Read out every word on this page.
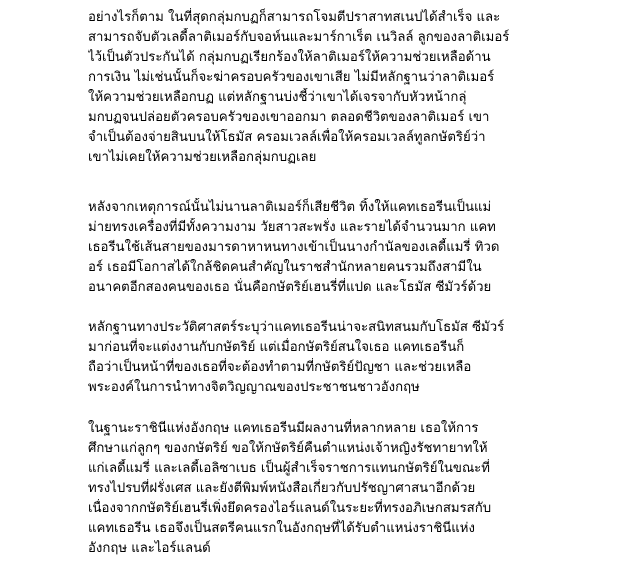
อย่างไรก็ตาม ในที่สุดกลุ่มกบฏก็สามารถโจมตีปราสาทสเนปได้สำเร็จ และ
สามารถจับตัวเลดี้ลาติเมอร์กับจอห์นและมาร์กาเร็ต เนวิลล์ ลูกของลาติเมอร์
ไว้เป็นตัวประกันได้ กลุ่มกบฏเรียกร้องให้ลาติเมอร์ให้ความช่วยเหลือด้าน
การเงิน ไม่เช่นนั้นก็จะฆ่าครอบครัวของเขาเสีย ไม่มีหลักฐานว่าลาติเมอร์
ให้ความช่วยเหลือกบฏ แต่หลักฐานบ่งชี้ว่าเขาได้เจรจากับหัวหน้ากลุ่
มกบฏจนปล่อยตัวครอบครัวของเขาออกมา ตลอดชีวิตของลาติเมอร์ เขา
จำเป็นต้องจ่ายสินบนให้โธมัส ครอมเวลล์เพื่อให้ครอมเวลล์ทูลกษัตริย์ว่า
เขาไม่เคยให้ความช่วยเหลือกลุ่มกบฏเลย
หลังจากเหตุการณ์นั้นไม่นานลาติเมอร์ก็เสียชีวิต ทิ้งให้แคทเธอรีนเป็นแม่
ม่ายทรงเครื่องที่มีทั้งความงาม วัยสาวสะพรั่ง และรายได้จำนวนมาก แคท
เธอรีนใช้เส้นสายของมารดาหาหนทางเข้าเป็นนางกำนัลของเลดี้แมรี่ ทิวด
อร์ เธอมีโอกาสได้ใกล้ชิดคนสำคัญในราชสำนักหลายคนรวมถึงสามีใน
อนาคตอีกสองคนของเธอ นั่นคือกษัตริย์เฮนรี่ที่แปด และโธมัส ซีมัวร์ด้วย
หลักฐานทางประวัติศาสตร์ระบุว่าแคทเธอรีนน่าจะสนิทสนมกับโธมัส ซีมัวร์
มาก่อนที่จะแต่งงานกับกษัตริย์ แต่เมื่อกษัตริย์สนใจเธอ แคทเธอรีนก็
ถือว่าเป็นหน้าที่ของเธอที่จะต้องทำตามที่กษัตริย์ปัญชา และช่วยเหลือ
พระองค์ในการนำทางจิตวิญญาณของประชาชนชาวอังกฤษ
ในฐานะราชินีแห่งอังกฤษ แคทเธอรีนมีผลงานที่หลากหลาย เธอให้การ
ศึกษาแก่ลูกๆ ของกษัตริย์ ขอให้กษัตริย์คืนตำแหน่งเจ้าหญิงรัชทายาทให้
แก่เลดี้แมรี่ และเลดี้เอลิซาเบธ เป็นผู้สำเร็จราชการแทนกษัตริย์ในขณะที่
ทรงไปรบที่ฝรั่งเศส และยังตีพิมพ์หนังสือเกี่ยวกับปรัชญาศาสนาอีกด้วย
เนื่องจากกษัตริย์เฮนรี่เพิ่งยึดครองไอร์แลนด์ในระยะที่ทรงอภิเษกสมรสกับ
แคทเธอรีน เธอจึงเป็นสตรีคนแรกในอังกฤษที่ได้รับตำแหน่งราชินีแห่ง
อังกฤษ และไอร์แลนด์
